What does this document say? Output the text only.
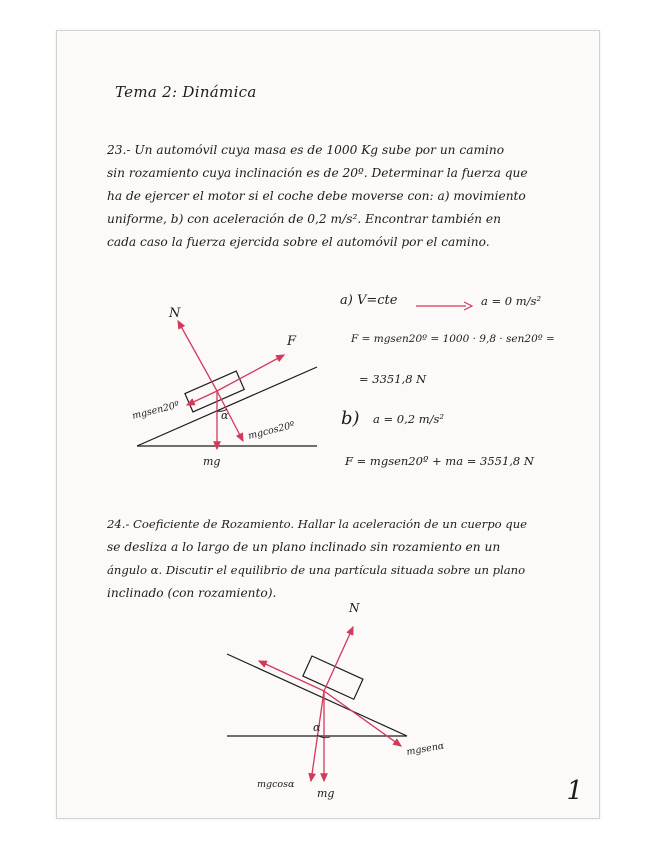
Tema 2: Dinámica
23.- Un automóvil cuya masa es de 1000 Kg sube por un camino
sin rozamiento cuya inclinación es de 20º. Determinar la fuerza que
ha de ejercer el motor si el coche debe moverse con: a) movimiento
uniforme, b) con aceleración de 0,2 m/s². Encontrar también en
cada caso la fuerza ejercida sobre el automóvil por el camino.
N
F
mgsen20º	α
mgcos20º
mg
a) V=cte	a = 0 m/s²
F = mgsen20º = 1000 · 9,8 · sen20º =
= 3351,8 N
b) a = 0,2 m/s²
F = mgsen20º + ma = 3551,8 N
24.- Coeficiente de Rozamiento. Hallar la aceleración de un cuerpo que
se desliza a lo largo de un plano inclinado sin rozamiento en un
ángulo α. Discutir el equilibrio de una partícula situada sobre un plano
inclinado (con rozamiento).
N
mgsenα
α
mgcosα
mg	1
